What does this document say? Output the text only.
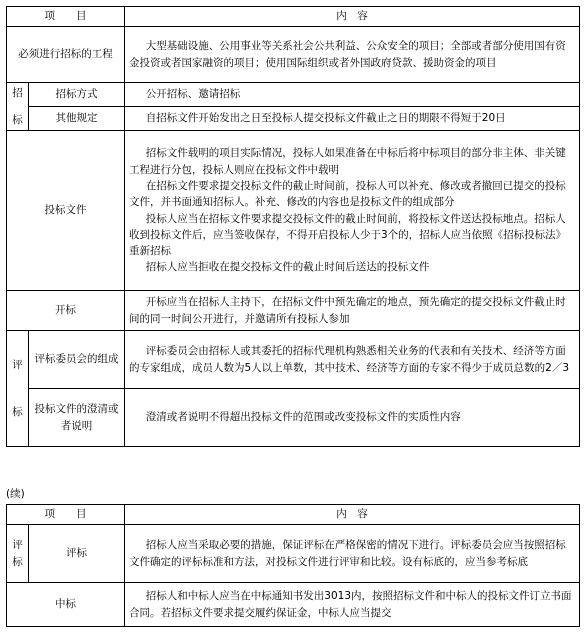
项　　目		内　容
必须进行招标的工程		大型基础设施、公用事业等关系社会公共利益、公众安全的项目；全部或者部分使用国有资金投资或者国家融资的项目；使用国际组织或者外国政府贷款、援助资金的项目

招
标	招标方式	公开招标、邀请招标
	其他规定	自招标文件开始发出之日至投标人提交投标文件截止之日的期限不得短于20日
投标文件		招标文件载明的项目实际情况，投标人如果准备在中标后将中标项目的部分非主体、非关键工程进行分包，投标人则应在投标文件中载明
在招标文件要求提交投标文件的截止时间前，投标人可以补充、修改或者撤回已提交的投标文件，并书面通知招标人。补充、修改的内容也是投标文件的组成部分
投标人应当在招标文件要求提交投标文件的截止时间前，将投标文件送达投标地点。招标人收到投标文件后，应当签收保存，不得开启投标人少于3个的，招标人应当依照《招标投标法》重新招标
招标人应当拒收在提交投标文件的截止时间后送达的投标文件

开标		开标应当在招标人主持下，在招标文件中预先确定的地点，预先确定的提交投标文件截止时间的同一时间公开进行，并邀请所有投标人参加

评
标	评标委员会的组成	评标委员会由招标人或其委托的招标代理机构熟悉相关业务的代表和有关技术、经济等方面的专家组成，成员人数为5人以上单数，其中技术、经济等方面的专家不得少于成员总数的2／3
	投标文件的澄清或者说明	澄清或者说明不得超出投标文件的范围或改变投标文件的实质性内容
(续)
项　　目		内　容

评
标	评标	招标人应当采取必要的措施，保证评标在严格保密的情况下进行。评标委员会应当按照招标文件确定的评标标准和方法，对投标文件进行评审和比较。设有标底的，应当参考标底
中标		招标人和中标人应当在中标通知书发出3013内，按照招标文件和中标人的投标文件订立书面合同。若招标文件要求提交履约保证金，中标人应当提交
